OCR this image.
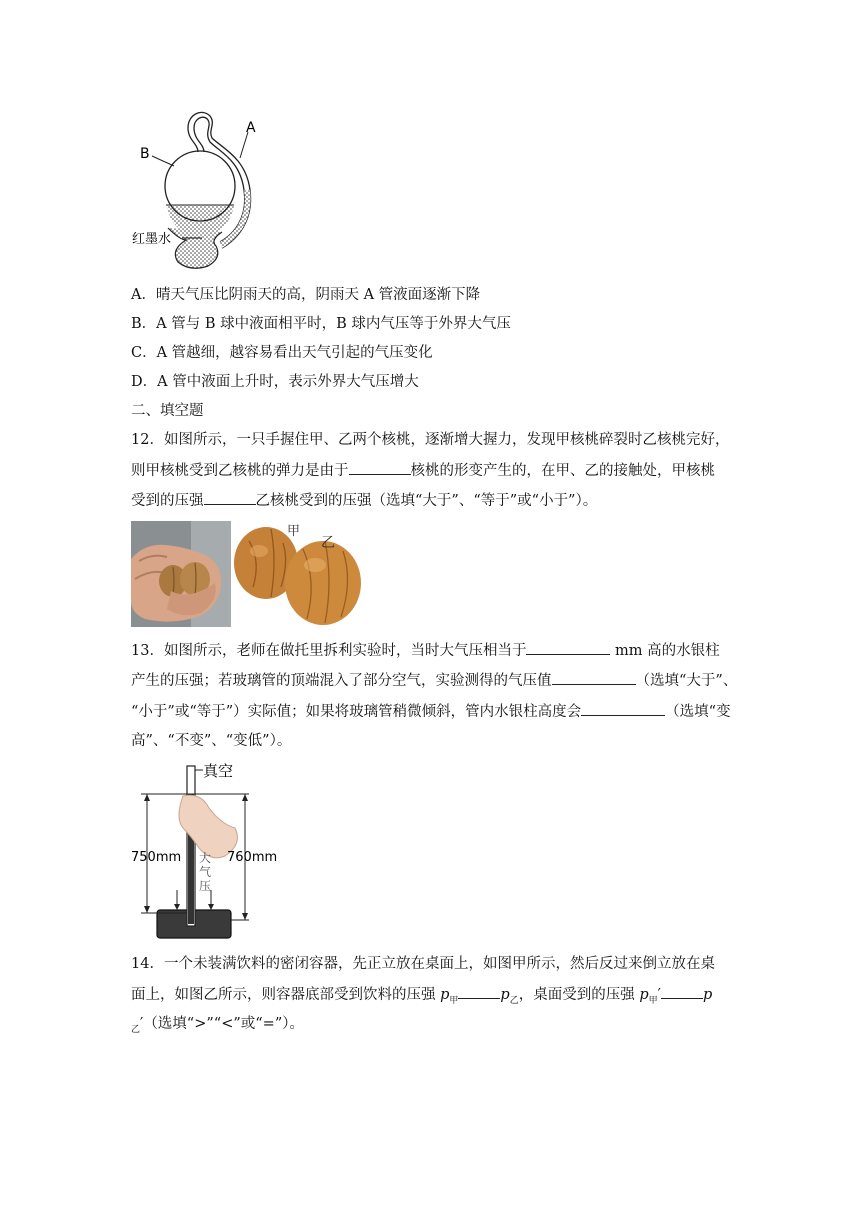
B
A
红墨水
A．晴天气压比阴雨天的高，阴雨天 A 管液面逐渐下降
B．A 管与 B 球中液面相平时，B 球内气压等于外界大气压
C．A 管越细，越容易看出天气引起的气压变化
D．A 管中液面上升时，表示外界大气压增大
二、填空题
12．如图所示，一只手握住甲、乙两个核桃，逐渐增大握力，发现甲核桃碎裂时乙核桃完好，
则甲核桃受到乙核桃的弹力是由于	核桃的形变产生的，在甲、乙的接触处，甲核桃
受到的压强	乙核桃受到的压强（选填“大于”、“等于”或“小于”）。
甲
乙
13．如图所示，老师在做托里拆利实验时，当时大气压相当于	mm 高的水银柱
产生的压强；若玻璃管的顶端混入了部分空气，实验测得的气压值	（选填“大于”、
“小于”或“等于”）实际值；如果将玻璃管稍微倾斜，管内水银柱高度会	（选填“变
高”、“不变”、“变低”）。
真空
750mm	760mm
大
气
压
14．一个未装满饮料的密闭容器，先正立放在桌面上，如图甲所示，然后反过来倒立放在桌
面上，如图乙所示，则容器底部受到饮料的压强 $p_甲$	$p_乙$，桌面受到的压强 $p_甲'$	p
$_乙$′（选填“>”“<”或“=”）。
